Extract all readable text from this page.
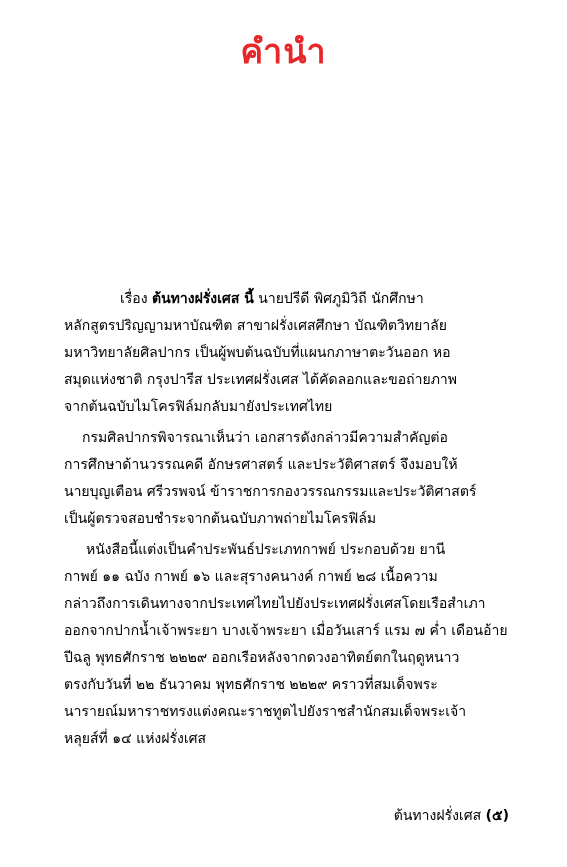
คำนำ
เรื่อง ต้นทางฝรั่งเศส นี้ นายปรีดี พิศภูมิวิถี นักศึกษา
หลักสูตรปริญญามหาบัณฑิต สาขาฝรั่งเศสศึกษา บัณฑิตวิทยาลัย
มหาวิทยาลัยศิลปากร เป็นผู้พบต้นฉบับที่แผนกภาษาตะวันออก หอ
สมุดแห่งชาติ กรุงปารีส ประเทศฝรั่งเศส ได้คัดลอกและขอถ่ายภาพ
จากต้นฉบับไมโครฟิล์มกลับมายังประเทศไทย
กรมศิลปากรพิจารณาเห็นว่า เอกสารดังกล่าวมีความสำคัญต่อ
การศึกษาด้านวรรณคดี อักษรศาสตร์ และประวัติศาสตร์ จึงมอบให้
นายบุญเตือน ศรีวรพจน์ ข้าราชการกองวรรณกรรมและประวัติศาสตร์
เป็นผู้ตรวจสอบชำระจากต้นฉบับภาพถ่ายไมโครฟิล์ม
หนังสือนี้แต่งเป็นคำประพันธ์ประเภทกาพย์ ประกอบด้วย ยานี
กาพย์ ๑๑ ฉบัง กาพย์ ๑๖ และสุรางคนางค์ กาพย์ ๒๘ เนื้อความ
กล่าวถึงการเดินทางจากประเทศไทยไปยังประเทศฝรั่งเศสโดยเรือสำเภา
ออกจากปากน้ำเจ้าพระยา บางเจ้าพระยา เมื่อวันเสาร์ แรม ๗ ค่ำ เดือนอ้าย
ปีฉลู พุทธศักราช ๒๒๒๙ ออกเรือหลังจากดวงอาทิตย์ตกในฤดูหนาว
ตรงกับวันที่ ๒๒ ธันวาคม พุทธศักราช ๒๒๒๙ คราวที่สมเด็จพระ
นารายณ์มหาราชทรงแต่งคณะราชทูตไปยังราชสำนักสมเด็จพระเจ้า
หลุยส์ที่ ๑๔ แห่งฝรั่งเศส
ต้นทางฝรั่งเศส (๕)
